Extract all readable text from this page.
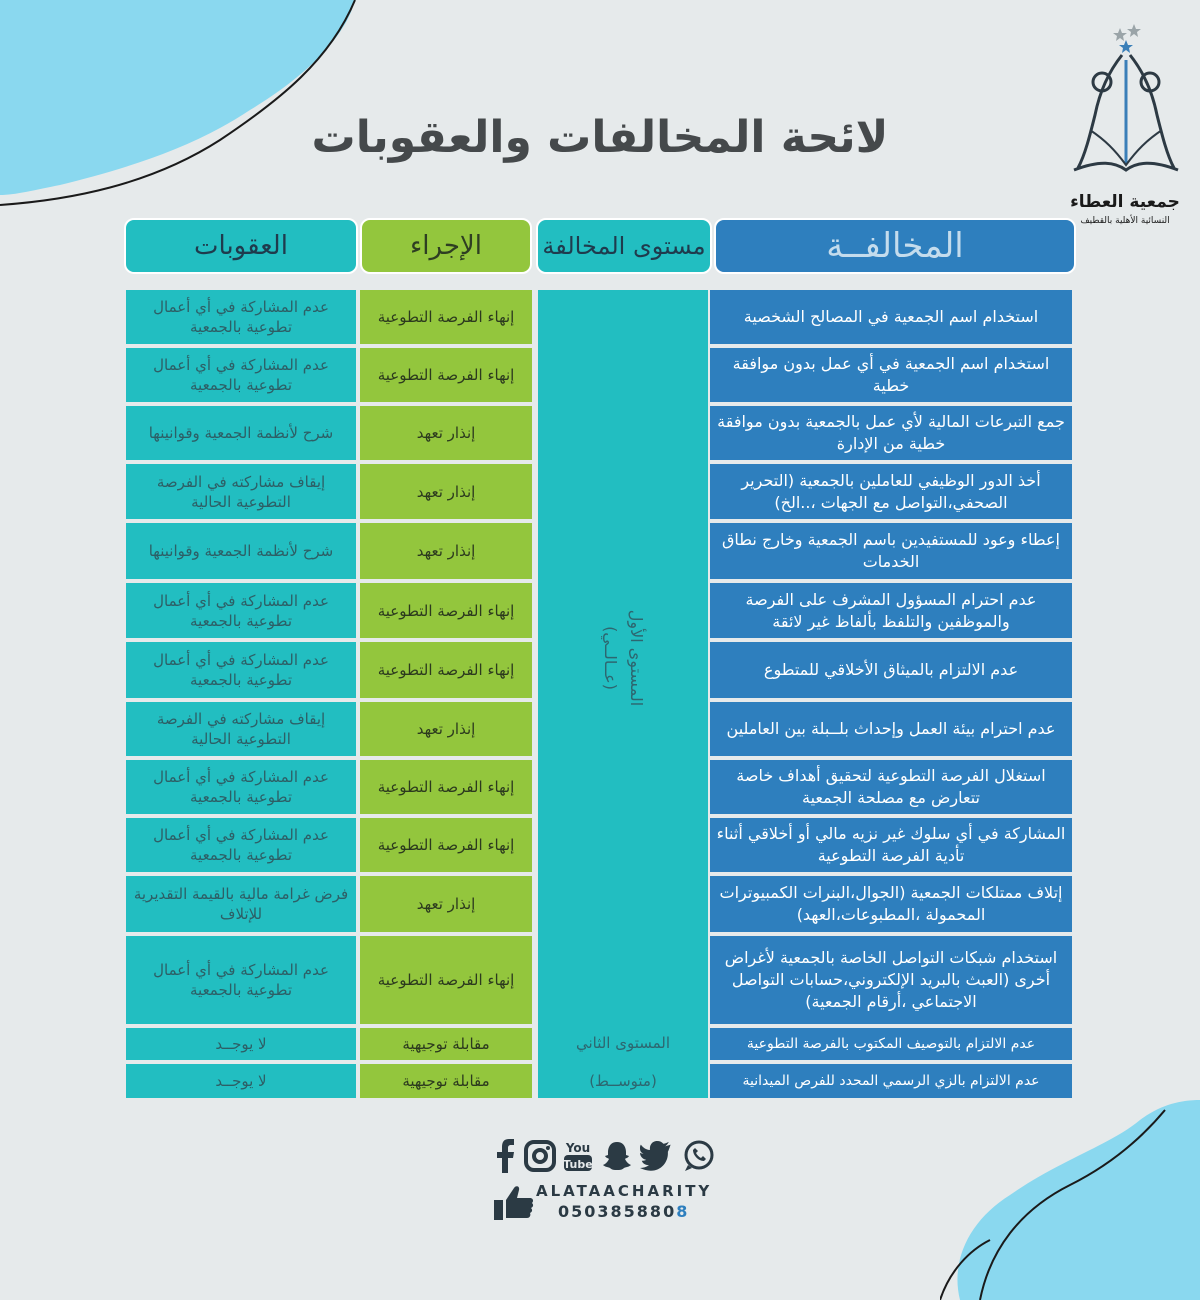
جمعية العطاء
النسائية الأهلية بالقطيف
لائحة المخالفات والعقوبات
المخالفــة
مستوى المخالفة
الإجراء
العقوبات
المستوى الأول
(عــالــي)
المستوى الثاني
(متوســط)
استخدام اسم الجمعية في المصالح الشخصية
إنهاء الفرصة التطوعية
عدم المشاركة في أي أعمال تطوعية بالجمعية
استخدام اسم الجمعية في أي عمل بدون موافقة خطية
إنهاء الفرصة التطوعية
عدم المشاركة في أي أعمال تطوعية بالجمعية
جمع التبرعات المالية لأي عمل بالجمعية بدون موافقة خطية من الإدارة
إنذار تعهد
شرح لأنظمة الجمعية وقوانينها
أخذ الدور الوظيفي للعاملين بالجمعية (التحرير الصحفي،التواصل مع الجهات ،..الخ)
إنذار تعهد
إيقاف مشاركته في الفرصة التطوعية الحالية
إعطاء وعود للمستفيدين باسم الجمعية وخارج نطاق الخدمات
إنذار تعهد
شرح لأنظمة الجمعية وقوانينها
عدم احترام المسؤول المشرف على الفرصة والموظفين والتلفظ بألفاظ غير لائقة
إنهاء الفرصة التطوعية
عدم المشاركة في أي أعمال تطوعية بالجمعية
عدم الالتزام بالميثاق الأخلاقي للمتطوع
إنهاء الفرصة التطوعية
عدم المشاركة في أي أعمال تطوعية بالجمعية
عدم احترام بيئة العمل وإحداث بلــبلة بين العاملين
إنذار تعهد
إيقاف مشاركته في الفرصة التطوعية الحالية
استغلال الفرصة التطوعية لتحقيق أهداف خاصة تتعارض مع مصلحة الجمعية
إنهاء الفرصة التطوعية
عدم المشاركة في أي أعمال تطوعية بالجمعية
المشاركة في أي سلوك غير نزيه مالي أو أخلاقي أثناء تأدية الفرصة التطوعية
إنهاء الفرصة التطوعية
عدم المشاركة في أي أعمال تطوعية بالجمعية
إتلاف ممتلكات الجمعية (الجوال،البنرات الكمبيوترات المحمولة ،المطبوعات،العهد)
إنذار تعهد
فرض غرامة مالية بالقيمة التقديرية للإتلاف
استخدام شبكات التواصل الخاصة بالجمعية لأغراض أخرى (العبث بالبريد الإلكتروني،حسابات التواصل الاجتماعي ،أرقام الجمعية)
إنهاء الفرصة التطوعية
عدم المشاركة في أي أعمال تطوعية بالجمعية
عدم الالتزام بالتوصيف المكتوب بالفرصة التطوعية
مقابلة توجيهية
لا يوجــد
عدم الالتزام بالزي الرسمي المحدد للفرص الميدانية
مقابلة توجيهية
لا يوجــد
You
Tube
ALATAACHARITY
0503858808
